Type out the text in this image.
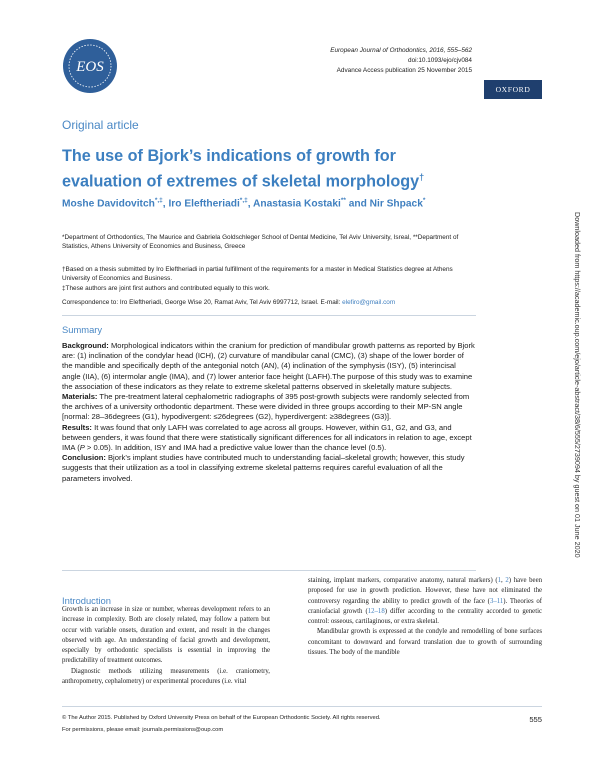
EOS
European Journal of Orthodontics, 2016, 555–562
doi:10.1093/ejo/cjv084
Advance Access publication 25 November 2015
OXFORD
Original article
The use of Bjork’s indications of growth for evaluation of extremes of skeletal morphology†
Moshe Davidovitch*,‡, Iro Eleftheriadi*,‡, Anastasia Kostaki** and Nir Shpack*
*Department of Orthodontics, The Maurice and Gabriela Goldschleger School of Dental Medicine, Tel Aviv University, Isreal, **Department of Statistics, Athens University of Economics and Business, Greece
†Based on a thesis submitted by Iro Eleftheriadi in partial fulfillment of the requirements for a master in Medical Statistics degree at Athens University of Economics and Business.
‡These authors are joint first authors and contributed equally to this work.
Correspondence to: Iro Eleftheriadi, George Wise 20, Ramat Aviv, Tel Aviv 6997712, Israel. E-mail: elefiro@gmail.com
Summary

Background: Morphological indicators within the cranium for prediction of mandibular growth patterns as reported by Bjork are: (1) inclination of the condylar head (ICH), (2) curvature of mandibular canal (CMC), (3) shape of the lower border of the mandible and specifically depth of the antegonial notch (AN), (4) inclination of the symphysis (ISY), (5) interincisal angle (IIA), (6) intermolar angle (IMA), and (7) lower anterior face height (LAFH).The purpose of this study was to examine the association of these indicators as they relate to extreme skeletal patterns observed in skeletally mature subjects.

Materials: The pre-treatment lateral cephalometric radiographs of 395 post-growth subjects were randomly selected from the archives of a university orthodontic department. These were divided in three groups according to their MP-SN angle [normal: 28–36degrees (G1), hypodivergent: ≤26degrees (G2), hyperdivergent: ≥38degrees (G3)].

Results: It was found that only LAFH was correlated to age across all groups. However, within G1, G2, and G3, and between genders, it was found that there were statistically significant differences for all indicators in relation to age, except IMA (P > 0.05). In addition, ISY and IMA had a predictive value lower than the chance level (0.5).

Conclusion: Bjork’s implant studies have contributed much to understanding facial–skeletal growth; however, this study suggests that their utilization as a tool in classifying extreme skeletal patterns requires careful evaluation of all the parameters involved.

Introduction

Growth is an increase in size or number, whereas development refers to an increase in complexity. Both are closely related, may follow a pattern but occur with variable onsets, duration and extent, and result in the changes observed with age. An understanding of facial growth and development, especially by orthodontic specialists is essential in improving the predictability of treatment outcomes.

Diagnostic methods utilizing measurements (i.e. craniometry, anthropometry, cephalometry) or experimental procedures (i.e. vital

staining, implant markers, comparative anatomy, natural markers) (1, 2) have been proposed for use in growth prediction. However, these have not eliminated the controversy regarding the ability to predict growth of the face (3–11). Theories of craniofacial growth (12–18) differ according to the centrality accorded to genetic control: osseous, cartilaginous, or extra skeletal.

Mandibular growth is expressed at the condyle and remodelling of bone surfaces concomitant to downward and forward translation due to growth of surrounding tissues. The body of the mandible

© The Author 2015. Published by Oxford University Press on behalf of the European Orthodontic Society. All rights reserved.
For permissions, please email: journals.permissions@oup.com
555
Downloaded from https://academic.oup.com/ejo/article-abstract/38/6/555/2739094 by guest on 01 June 2020
